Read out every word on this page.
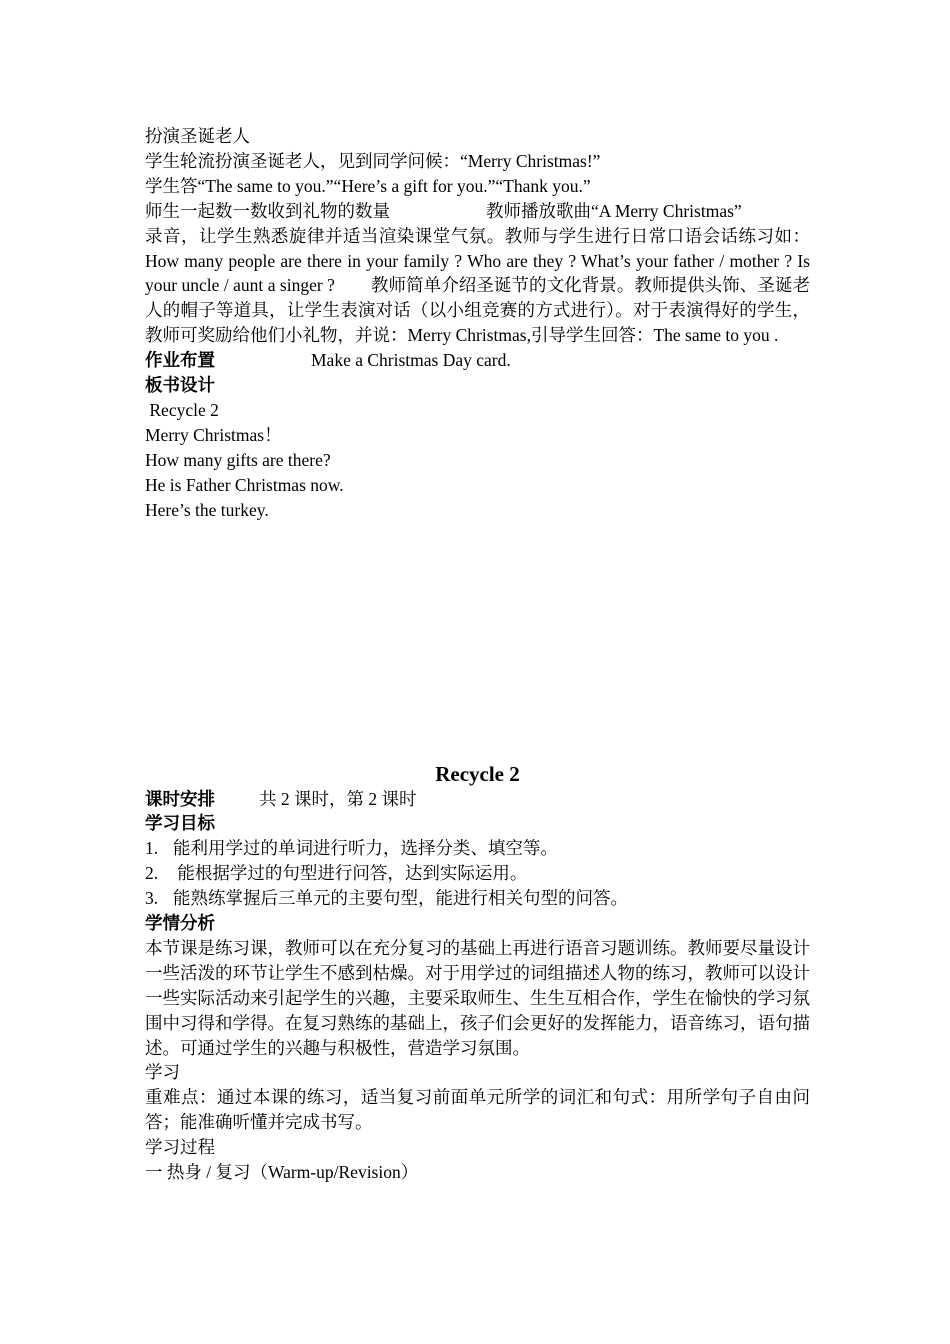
扮演圣诞老人
学生轮流扮演圣诞老人，见到同学问候：“Merry Christmas!”
学生答“The same to you.”“Here’s a gift for you.”“Thank you.”
师生一起数一数收到礼物的数量	教师播放歌曲“A Merry Christmas”
录音，让学生熟悉旋律并适当渲染课堂气氛。教师与学生进行日常口语会话练习如：How many people are there in your family ? Who are they ? What’s your father / mother ? Is your uncle / aunt a singer ? 教师简单介绍圣诞节的文化背景。教师提供头饰、圣诞老人的帽子等道具，让学生表演对话（以小组竞赛的方式进行）。对于表演得好的学生，教师可奖励给他们小礼物，并说：Merry Christmas,引导学生回答：The same to you .
作业布置	Make a Christmas Day card.
板书设计
Recycle 2
Merry Christmas！
How many gifts are there?
He is Father Christmas now.
Here’s the turkey.
Recycle 2
课时安排	共 2 课时，第 2 课时
学习目标
1. 能利用学过的单词进行听力，选择分类、填空等。
2. 能根据学过的句型进行问答，达到实际运用。
3. 能熟练掌握后三单元的主要句型，能进行相关句型的问答。
学情分析
本节课是练习课，教师可以在充分复习的基础上再进行语音习题训练。教师要尽量设计一些活泼的环节让学生不感到枯燥。对于用学过的词组描述人物的练习，教师可以设计一些实际活动来引起学生的兴趣，主要采取师生、生生互相合作，学生在愉快的学习氛围中习得和学得。在复习熟练的基础上，孩子们会更好的发挥能力，语音练习，语句描述。可通过学生的兴趣与积极性，营造学习氛围。
学习
重难点：通过本课的练习，适当复习前面单元所学的词汇和句式：用所学句子自由问答；能准确听懂并完成书写。
学习过程
一 热身 / 复习（Warm-up/Revision）
